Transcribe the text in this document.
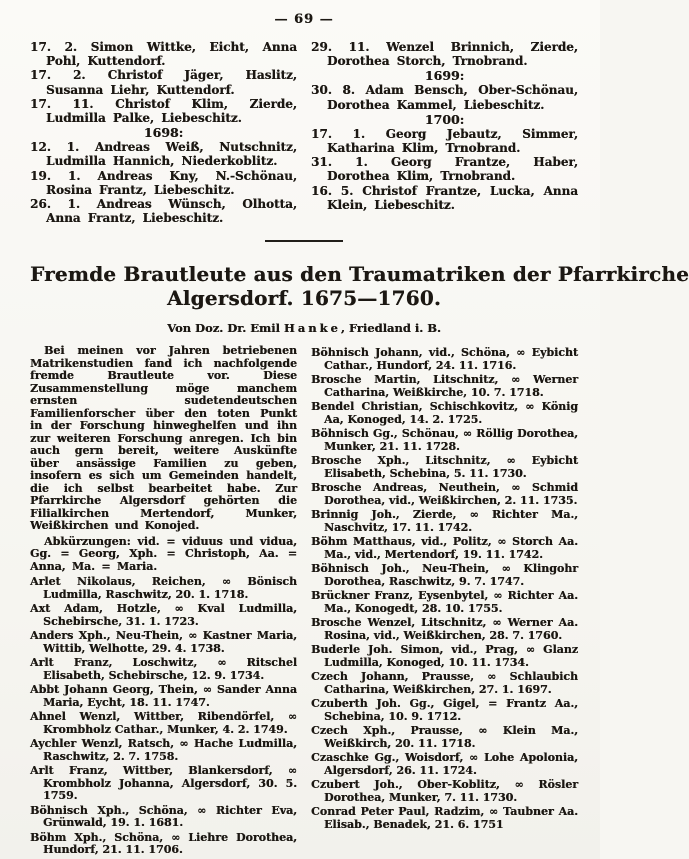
— 69 —
17. 2. Simon Wittke, Eicht, Anna Pohl, Kuttendorf.
17. 2. Christof Jäger, Haslitz, Susanna Liehr, Kuttendorf.
17. 11. Christof Klim, Zierde, Ludmilla Palke, Liebeschitz.
1698:
12. 1. Andreas Weiß, Nutschnitz, Ludmilla Hannich, Niederkoblitz.
19. 1. Andreas Kny, N.-Schönau, Rosina Frantz, Liebeschitz.
26. 1. Andreas Wünsch, Olhotta, Anna Frantz, Liebeschitz.
29. 11. Wenzel Brinnich, Zierde, Dorothea Storch, Trnobrand.
1699:
30. 8. Adam Bensch, Ober-Schönau, Dorothea Kammel, Liebeschitz.
1700:
17. 1. Georg Jebautz, Simmer, Katharina Klim, Trnobrand.
31. 1. Georg Frantze, Haber, Dorothea Klim, Trnobrand.
16. 5. Christof Frantze, Lucka, Anna Klein, Liebeschitz.
Fremde Brautleute aus den Traumatriken der Pfarrkirche
Algersdorf. 1675—1760.
Von Doz. Dr. Emil Hanke, Friedland i. B.

Bei meinen vor Jahren betriebenen Matrikenstudien fand ich nachfolgende fremde Brautleute vor. Diese Zusammenstellung möge manchem ernsten sudetendeutschen Familienforscher über den toten Punkt in der Forschung hinweghelfen und ihn zur weiteren Forschung anregen. Ich bin auch gern bereit, weitere Auskünfte über ansässige Familien zu geben, insofern es sich um Gemeinden handelt, die ich selbst bearbeitet habe. Zur Pfarrkirche Algersdorf gehörten die Filialkirchen Mertendorf, Munker, Weißkirchen und Konojed.

Abkürzungen: vid. = viduus und vidua, Gg. = Georg, Xph. = Christoph, Aa. = Anna, Ma. = Maria.

Arlet Nikolaus, Reichen, ∞ Bönisch Ludmilla, Raschwitz, 20. 1. 1718.
Axt Adam, Hotzle, ∞ Kval Ludmilla, Schebirsche, 31. 1. 1723.
Anders Xph., Neu-Thein, ∞ Kastner Maria, Wittib, Welhotte, 29. 4. 1738.
Arlt Franz, Loschwitz, ∞ Ritschel Elisabeth, Schebirsche, 12. 9. 1734.
Abbt Johann Georg, Thein, ∞ Sander Anna Maria, Eycht, 18. 11. 1747.
Ahnel Wenzl, Wittber, Ribendörfel, ∞ Krombholz Cathar., Munker, 4. 2. 1749.
Aychler Wenzl, Ratsch, ∞ Hache Ludmilla, Raschwitz, 2. 7. 1758.
Arlt Franz, Wittber, Blankersdorf, ∞ Krombholz Johanna, Algersdorf, 30. 5. 1759.
Böhnisch Xph., Schöna, ∞ Richter Eva, Grünwald, 19. 1. 1681.
Böhm Xph., Schöna, ∞ Liehre Dorothea, Hundorf, 21. 11. 1706.
Böhnisch Johann, vid., Schöna, ∞ Eybicht Cathar., Hundorf, 24. 11. 1716.
Brosche Martin, Litschnitz, ∞ Werner Catharina, Weißkirche, 10. 7. 1718.
Bendel Christian, Schischkovitz, ∞ König Aa, Konoged, 14. 2. 1725.
Böhnisch Gg., Schönau, ∞ Röllig Dorothea, Munker, 21. 11. 1728.
Brosche Xph., Litschnitz, ∞ Eybicht Elisabeth, Schebina, 5. 11. 1730.
Brosche Andreas, Neuthein, ∞ Schmid Dorothea, vid., Weißkirchen, 2. 11. 1735.
Brinnig Joh., Zierde, ∞ Richter Ma., Naschvitz, 17. 11. 1742.
Böhm Matthaus, vid., Politz, ∞ Storch Aa. Ma., vid., Mertendorf, 19. 11. 1742.
Böhnisch Joh., Neu-Thein, ∞ Klingohr Dorothea, Raschwitz, 9. 7. 1747.
Brückner Franz, Eysenbytel, ∞ Richter Aa. Ma., Konogedt, 28. 10. 1755.
Brosche Wenzel, Litschnitz, ∞ Werner Aa. Rosina, vid., Weißkirchen, 28. 7. 1760.
Buderle Joh. Simon, vid., Prag, ∞ Glanz Ludmilla, Konoged, 10. 11. 1734.
Czech Johann, Prausse, ∞ Schlaubich Catharina, Weißkirchen, 27. 1. 1697.
Czuberth Joh. Gg., Gigel, = Frantz Aa., Schebina, 10. 9. 1712.
Czech Xph., Prausse, ∞ Klein Ma., Weißkirch, 20. 11. 1718.
Czaschke Gg., Woisdorf, ∞ Lohe Apolonia, Algersdorf, 26. 11. 1724.
Czubert Joh., Ober-Koblitz, ∞ Rösler Dorothea, Munker, 7. 11. 1730.
Conrad Peter Paul, Radzim, ∞ Taubner Aa. Elisab., Benadek, 21. 6. 1751
